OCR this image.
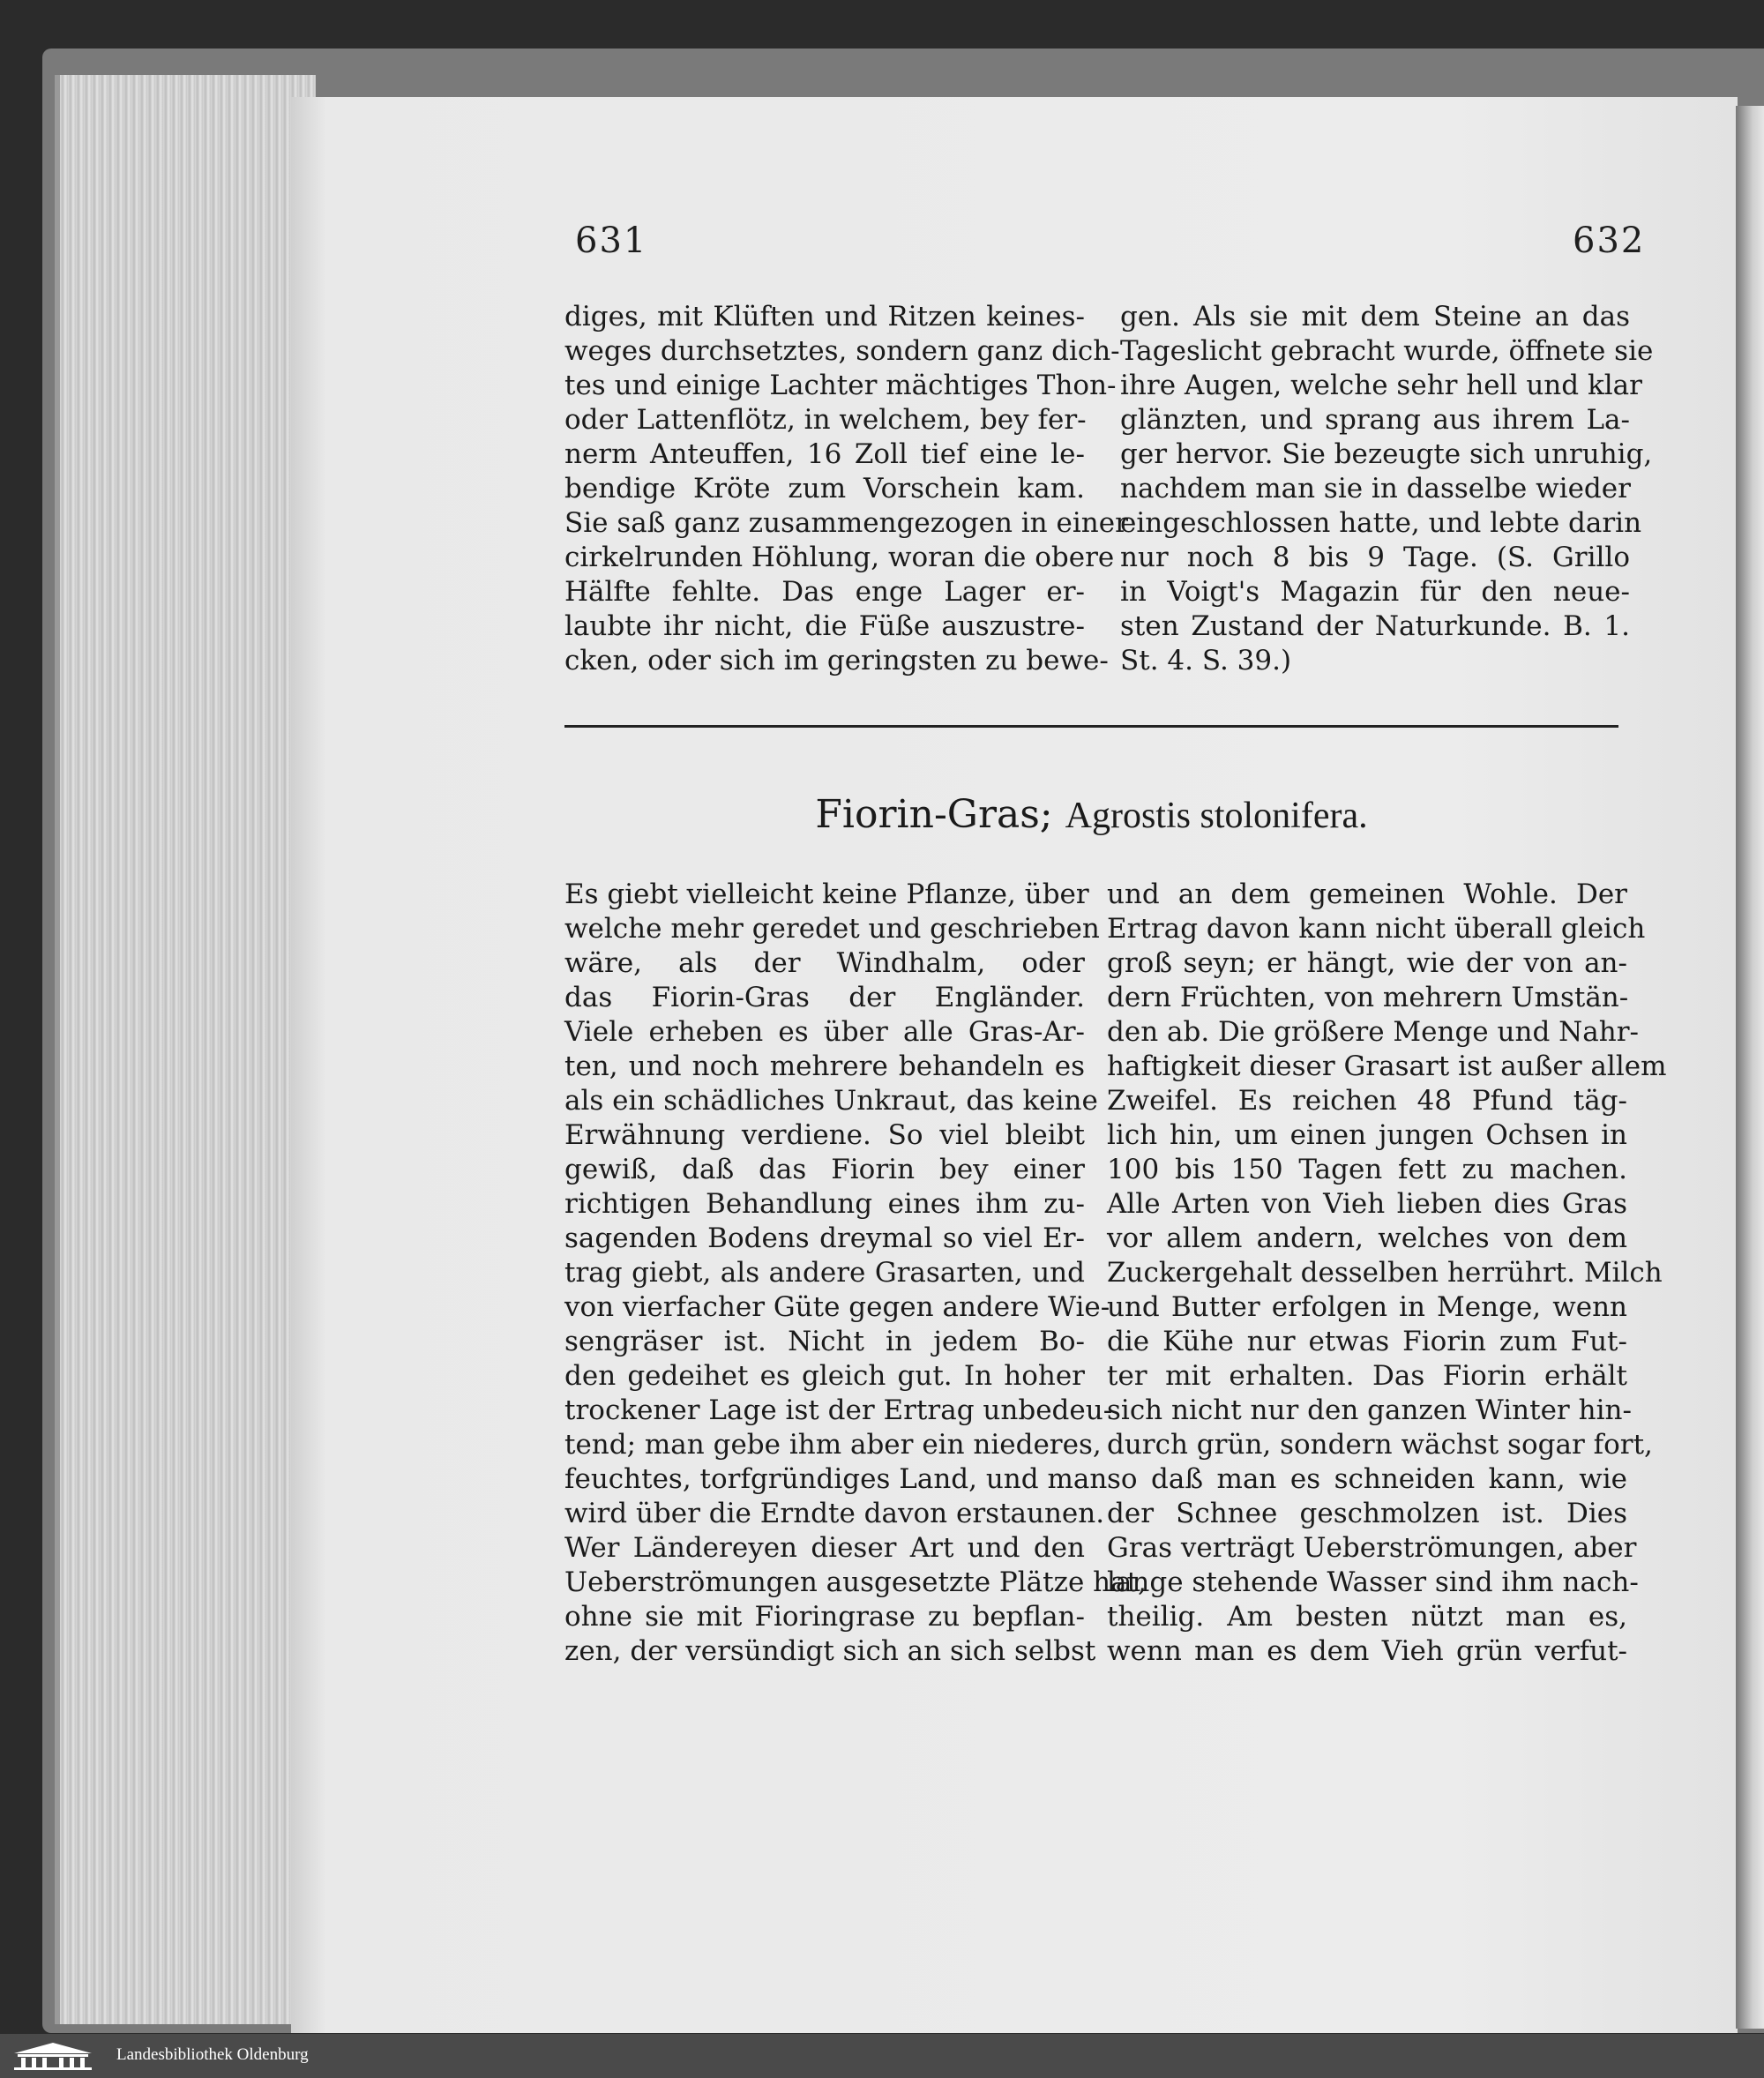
631	632
diges, mit Klüften und Ritzen keines-
weges durchsetztes, sondern ganz dich-
tes und einige Lachter mächtiges Thon-
oder Lattenflötz, in welchem, bey fer-
nerm Anteuffen, 16 Zoll tief eine le-
bendige Kröte zum Vorschein kam.
Sie saß ganz zusammengezogen in einer
cirkelrunden Höhlung, woran die obere
Hälfte fehlte. Das enge Lager er-
laubte ihr nicht, die Füße auszustre-
cken, oder sich im geringsten zu bewe-
gen. Als sie mit dem Steine an das
Tageslicht gebracht wurde, öffnete sie
ihre Augen, welche sehr hell und klar
glänzten, und sprang aus ihrem La-
ger hervor. Sie bezeugte sich unruhig,
nachdem man sie in dasselbe wieder
eingeschlossen hatte, und lebte darin
nur noch 8 bis 9 Tage. (S. Grillo
in Voigt's Magazin für den neue-
sten Zustand der Naturkunde. B. 1.
St. 4. S. 39.)
Fiorin-Gras; Agrostis stolonifera.
Es giebt vielleicht keine Pflanze, über
welche mehr geredet und geschrieben
wäre, als der Windhalm, oder
das Fiorin-Gras der Engländer.
Viele erheben es über alle Gras-Ar-
ten, und noch mehrere behandeln es
als ein schädliches Unkraut, das keine
Erwähnung verdiene. So viel bleibt
gewiß, daß das Fiorin bey einer
richtigen Behandlung eines ihm zu-
sagenden Bodens dreymal so viel Er-
trag giebt, als andere Grasarten, und
von vierfacher Güte gegen andere Wie-
sengräser ist. Nicht in jedem Bo-
den gedeihet es gleich gut. In hoher
trockener Lage ist der Ertrag unbedeu-
tend; man gebe ihm aber ein niederes,
feuchtes, torfgründiges Land, und man
wird über die Erndte davon erstaunen.
Wer Ländereyen dieser Art und den
Ueberströmungen ausgesetzte Plätze hat,
ohne sie mit Fioringrase zu bepflan-
zen, der versündigt sich an sich selbst
und an dem gemeinen Wohle. Der
Ertrag davon kann nicht überall gleich
groß seyn; er hängt, wie der von an-
dern Früchten, von mehrern Umstän-
den ab. Die größere Menge und Nahr-
haftigkeit dieser Grasart ist außer allem
Zweifel. Es reichen 48 Pfund täg-
lich hin, um einen jungen Ochsen in
100 bis 150 Tagen fett zu machen.
Alle Arten von Vieh lieben dies Gras
vor allem andern, welches von dem
Zuckergehalt desselben herrührt. Milch
und Butter erfolgen in Menge, wenn
die Kühe nur etwas Fiorin zum Fut-
ter mit erhalten. Das Fiorin erhält
sich nicht nur den ganzen Winter hin-
durch grün, sondern wächst sogar fort,
so daß man es schneiden kann, wie
der Schnee geschmolzen ist. Dies
Gras verträgt Ueberströmungen, aber
lange stehende Wasser sind ihm nach-
theilig. Am besten nützt man es,
wenn man es dem Vieh grün verfut-
Landesbibliothek Oldenburg
